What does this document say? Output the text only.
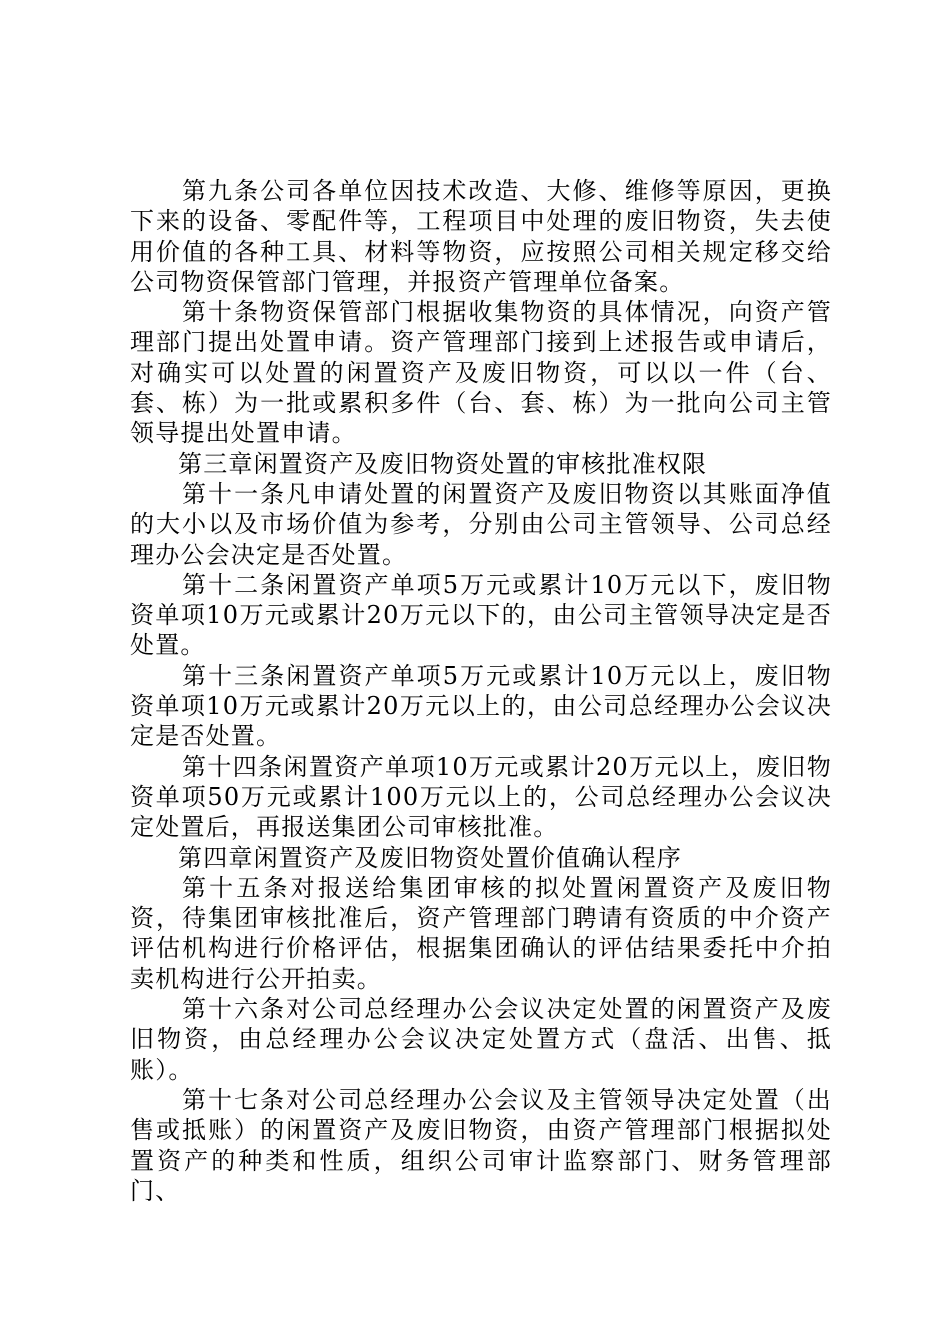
第九条公司各单位因技术改造、大修、维修等原因，更换下来的设备、零配件等，工程项目中处理的废旧物资，失去使用价值的各种工具、材料等物资，应按照公司相关规定移交给公司物资保管部门管理，并报资产管理单位备案。

第十条物资保管部门根据收集物资的具体情况，向资产管理部门提出处置申请。资产管理部门接到上述报告或申请后，对确实可以处置的闲置资产及废旧物资，可以以一件（台、套、栋）为一批或累积多件（台、套、栋）为一批向公司主管领导提出处置申请。

第三章闲置资产及废旧物资处置的审核批准权限

第十一条凡申请处置的闲置资产及废旧物资以其账面净值的大小以及市场价值为参考，分别由公司主管领导、公司总经理办公会决定是否处置。

第十二条闲置资产单项5万元或累计10万元以下，废旧物资单项10万元或累计20万元以下的，由公司主管领导决定是否处置。

第十三条闲置资产单项5万元或累计10万元以上，废旧物资单项10万元或累计20万元以上的，由公司总经理办公会议决定是否处置。

第十四条闲置资产单项10万元或累计20万元以上，废旧物资单项50万元或累计100万元以上的，公司总经理办公会议决定处置后，再报送集团公司审核批准。

第四章闲置资产及废旧物资处置价值确认程序

第十五条对报送给集团审核的拟处置闲置资产及废旧物资，待集团审核批准后，资产管理部门聘请有资质的中介资产评估机构进行价格评估，根据集团确认的评估结果委托中介拍卖机构进行公开拍卖。

第十六条对公司总经理办公会议决定处置的闲置资产及废旧物资，由总经理办公会议决定处置方式（盘活、出售、抵账）。

第十七条对公司总经理办公会议及主管领导决定处置（出售或抵账）的闲置资产及废旧物资，由资产管理部门根据拟处置资产的种类和性质，组织公司审计监察部门、财务管理部门、
